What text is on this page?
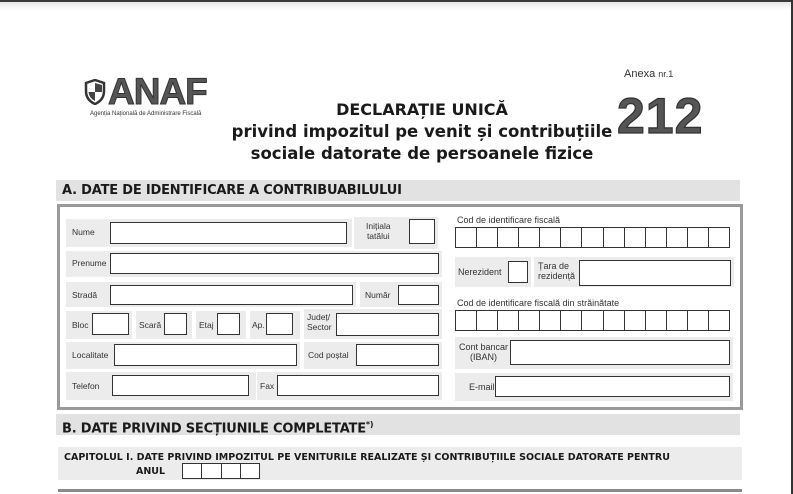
ANAF
Agenția Națională de Administrare Fiscală	DECLARAȚIE UNICĂ
privind impozitul pe venit și contribuțiile
sociale datorate de persoanele fizice
Anexa nr.1
212
A. DATE DE IDENTIFICARE A CONTRIBUABILULUI
Nume
Inițiala
tatălui
Prenume
Stradă	Număr
Bloc	Scară	Etaj	Ap.
Județ/
Sector
Localitate	Cod poștal
Telefon	Fax
Cod de identificare fiscală
Nerezident
Țara de
rezidență
Cod de identificare fiscală din străinătate
Cont bancar
(IBAN)
E-mail
B. DATE PRIVIND SECȚIUNILE COMPLETATE*)
CAPITOLUL I. DATE PRIVIND IMPOZITUL PE VENITURILE REALIZATE ȘI CONTRIBUȚIILE SOCIALE DATORATE PENTRU
ANUL
